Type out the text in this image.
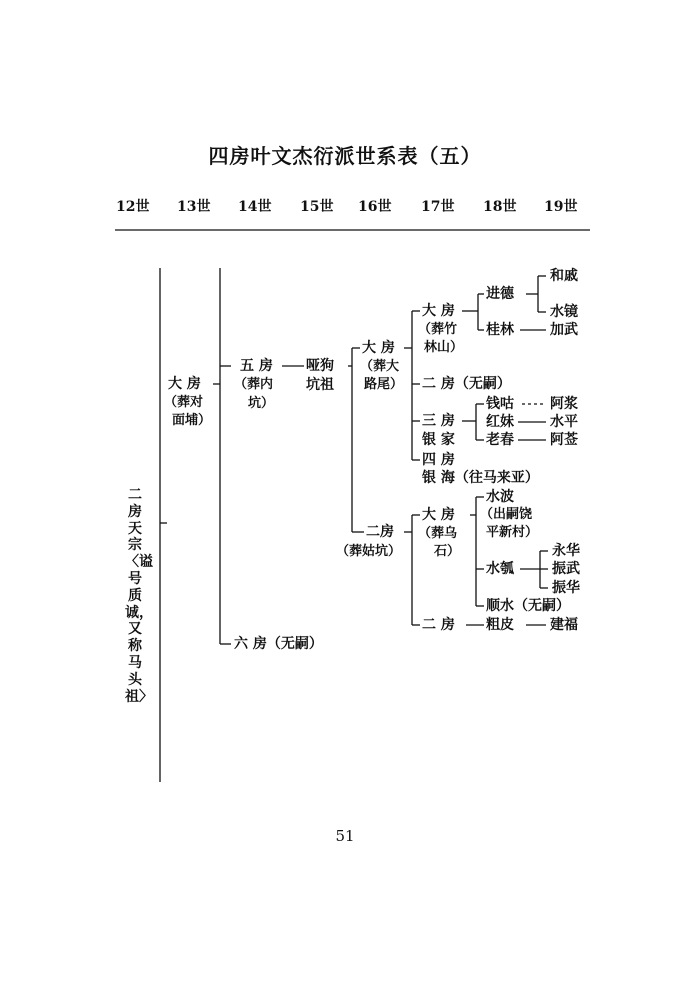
四房叶文杰衍派世系表（五）
12世 13世 14世 15世 16世 17世 18世 19世
二房天宗〈谥号质诚，又称马头祖〉
大 房
（葬对
面埔）
五 房
（葬内
坑）
六 房（无嗣）
哑狗
坑祖
大 房
（葬大
路尾）
二房
（葬姑坑）
大 房
（葬竹
林山）
二 房（无嗣）
三 房
银 家
四 房
银 海（往马来亚）
大 房
（葬乌
石）
二 房
进德
桂林
钱咕
红妹
老春
水波
（出嗣饶
平新村）
水瓠
顺水（无嗣）
粗皮
和戚
水镜
加武
阿浆
水平
阿莶
永华
振武
振华
建福
51
